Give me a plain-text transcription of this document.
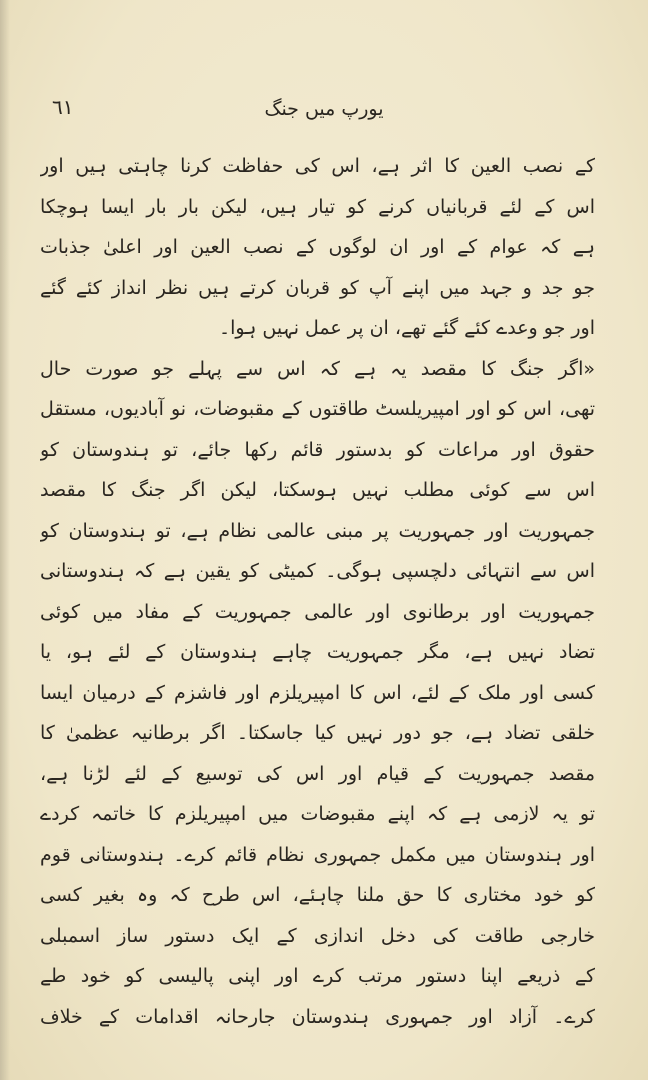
٦١	یورپ میں جنگ
کے نصب العین کا اثر ہے، اس کی حفاظت کرنا چاہتی ہیں اور
اس کے لئے قربانیاں کرنے کو تیار ہیں، لیکن بار بار ایسا ہوچکا
ہے کہ عوام کے اور ان لوگوں کے نصب العین اور اعلیٰ جذبات
جو جد و جہد میں اپنے آپ کو قربان کرتے ہیں نظر انداز کئے گئے
اور جو وعدے کئے گئے تھے، ان پر عمل نہیں ہوا۔
«اگر جنگ کا مقصد یہ ہے کہ اس سے پہلے جو صورت حال
تھی، اس کو اور امپیریلسٹ طاقتوں کے مقبوضات، نو آبادیوں، مستقل
حقوق اور مراعات کو بدستور قائم رکھا جائے، تو ہندوستان کو
اس سے کوئی مطلب نہیں ہوسکتا، لیکن اگر جنگ کا مقصد
جمہوریت اور جمہوریت پر مبنی عالمی نظام ہے، تو ہندوستان کو
اس سے انتہائی دلچسپی ہوگی۔ کمیٹی کو یقین ہے کہ ہندوستانی
جمہوریت اور برطانوی اور عالمی جمہوریت کے مفاد میں کوئی
تضاد نہیں ہے، مگر جمہوریت چاہے ہندوستان کے لئے ہو، یا
کسی اور ملک کے لئے، اس کا امپیریلزم اور فاشزم کے درمیان ایسا
خلقی تضاد ہے، جو دور نہیں کیا جاسکتا۔ اگر برطانیہ عظمیٰ کا
مقصد جمہوریت کے قیام اور اس کی توسیع کے لئے لڑنا ہے،
تو یہ لازمی ہے کہ اپنے مقبوضات میں امپیریلزم کا خاتمہ کردے
اور ہندوستان میں مکمل جمہوری نظام قائم کرے۔ ہندوستانی قوم
کو خود مختاری کا حق ملنا چاہئے، اس طرح کہ وہ بغیر کسی
خارجی طاقت کی دخل اندازی کے ایک دستور ساز اسمبلی
کے ذریعے اپنا دستور مرتب کرے اور اپنی پالیسی کو خود طے
کرے۔ آزاد اور جمہوری ہندوستان جارحانہ اقدامات کے خلاف
